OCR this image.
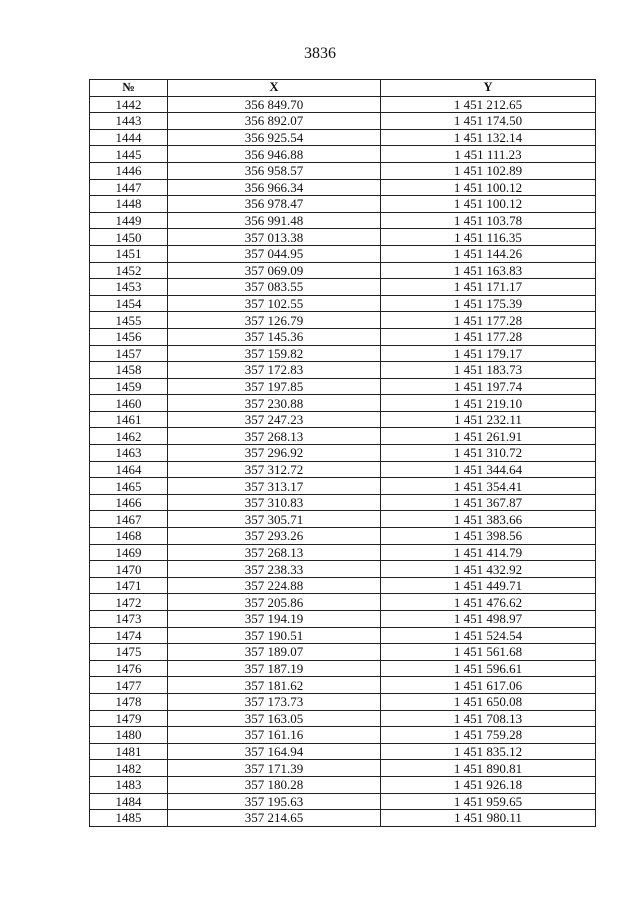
3836
№	X	Y
1442	356 849.70	1 451 212.65
1443	356 892.07	1 451 174.50
1444	356 925.54	1 451 132.14
1445	356 946.88	1 451 111.23
1446	356 958.57	1 451 102.89
1447	356 966.34	1 451 100.12
1448	356 978.47	1 451 100.12
1449	356 991.48	1 451 103.78
1450	357 013.38	1 451 116.35
1451	357 044.95	1 451 144.26
1452	357 069.09	1 451 163.83
1453	357 083.55	1 451 171.17
1454	357 102.55	1 451 175.39
1455	357 126.79	1 451 177.28
1456	357 145.36	1 451 177.28
1457	357 159.82	1 451 179.17
1458	357 172.83	1 451 183.73
1459	357 197.85	1 451 197.74
1460	357 230.88	1 451 219.10
1461	357 247.23	1 451 232.11
1462	357 268.13	1 451 261.91
1463	357 296.92	1 451 310.72
1464	357 312.72	1 451 344.64
1465	357 313.17	1 451 354.41
1466	357 310.83	1 451 367.87
1467	357 305.71	1 451 383.66
1468	357 293.26	1 451 398.56
1469	357 268.13	1 451 414.79
1470	357 238.33	1 451 432.92
1471	357 224.88	1 451 449.71
1472	357 205.86	1 451 476.62
1473	357 194.19	1 451 498.97
1474	357 190.51	1 451 524.54
1475	357 189.07	1 451 561.68
1476	357 187.19	1 451 596.61
1477	357 181.62	1 451 617.06
1478	357 173.73	1 451 650.08
1479	357 163.05	1 451 708.13
1480	357 161.16	1 451 759.28
1481	357 164.94	1 451 835.12
1482	357 171.39	1 451 890.81
1483	357 180.28	1 451 926.18
1484	357 195.63	1 451 959.65
1485	357 214.65	1 451 980.11
